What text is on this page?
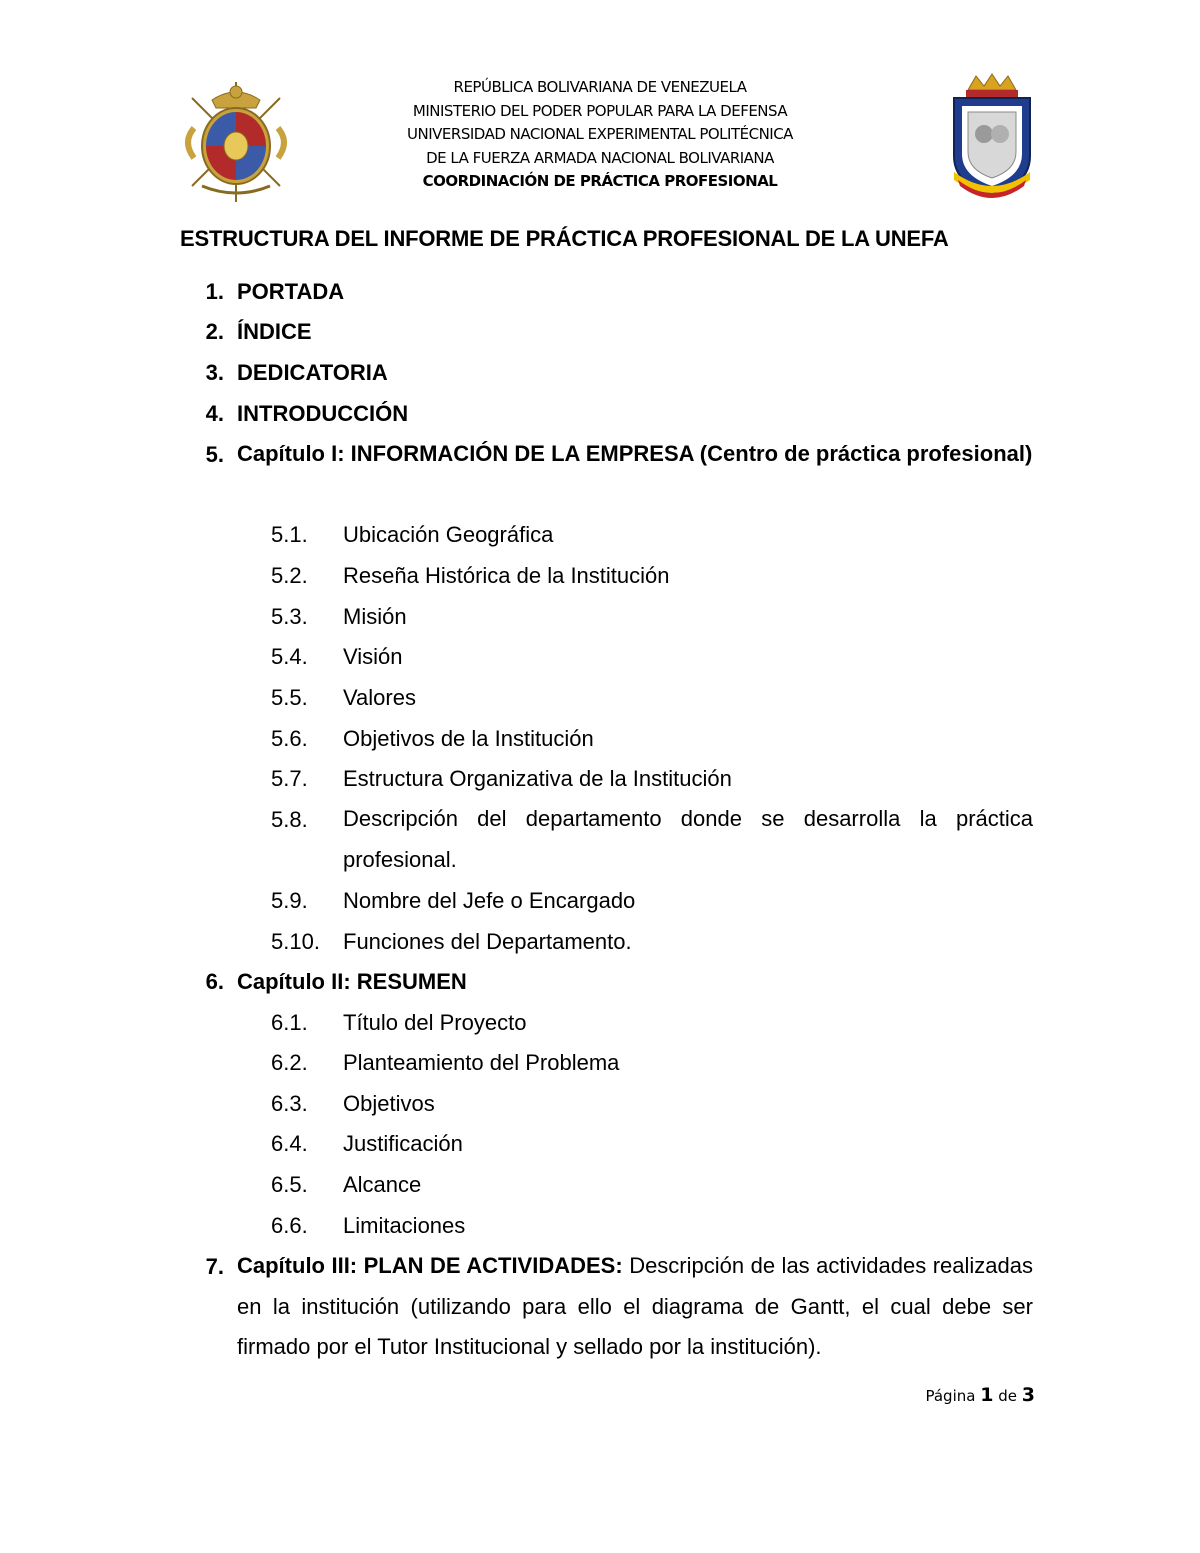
REPÚBLICA BOLIVARIANA DE VENEZUELA
MINISTERIO DEL PODER POPULAR PARA LA DEFENSA
UNIVERSIDAD NACIONAL EXPERIMENTAL POLITÉCNICA
DE LA FUERZA ARMADA NACIONAL BOLIVARIANA
COORDINACIÓN DE PRÁCTICA PROFESIONAL
ESTRUCTURA DEL INFORME DE PRÁCTICA PROFESIONAL DE LA UNEFA
1. PORTADA
2. ÍNDICE
3. DEDICATORIA
4. INTRODUCCIÓN
5. Capítulo I: INFORMACIÓN DE LA EMPRESA (Centro de práctica profesional)
5.1. Ubicación Geográfica
5.2. Reseña Histórica de la Institución
5.3. Misión
5.4. Visión
5.5. Valores
5.6. Objetivos de la Institución
5.7. Estructura Organizativa de la Institución
5.8. Descripción del departamento donde se desarrolla la práctica profesional.
5.9. Nombre del Jefe o Encargado
5.10. Funciones del Departamento.
6. Capítulo II: RESUMEN
6.1. Título del Proyecto
6.2. Planteamiento del Problema
6.3. Objetivos
6.4. Justificación
6.5. Alcance
6.6. Limitaciones
7. Capítulo III: PLAN DE ACTIVIDADES: Descripción de las actividades realizadas en la institución (utilizando para ello el diagrama de Gantt, el cual debe ser firmado por el Tutor Institucional y sellado por la institución).
Página 1 de 3
